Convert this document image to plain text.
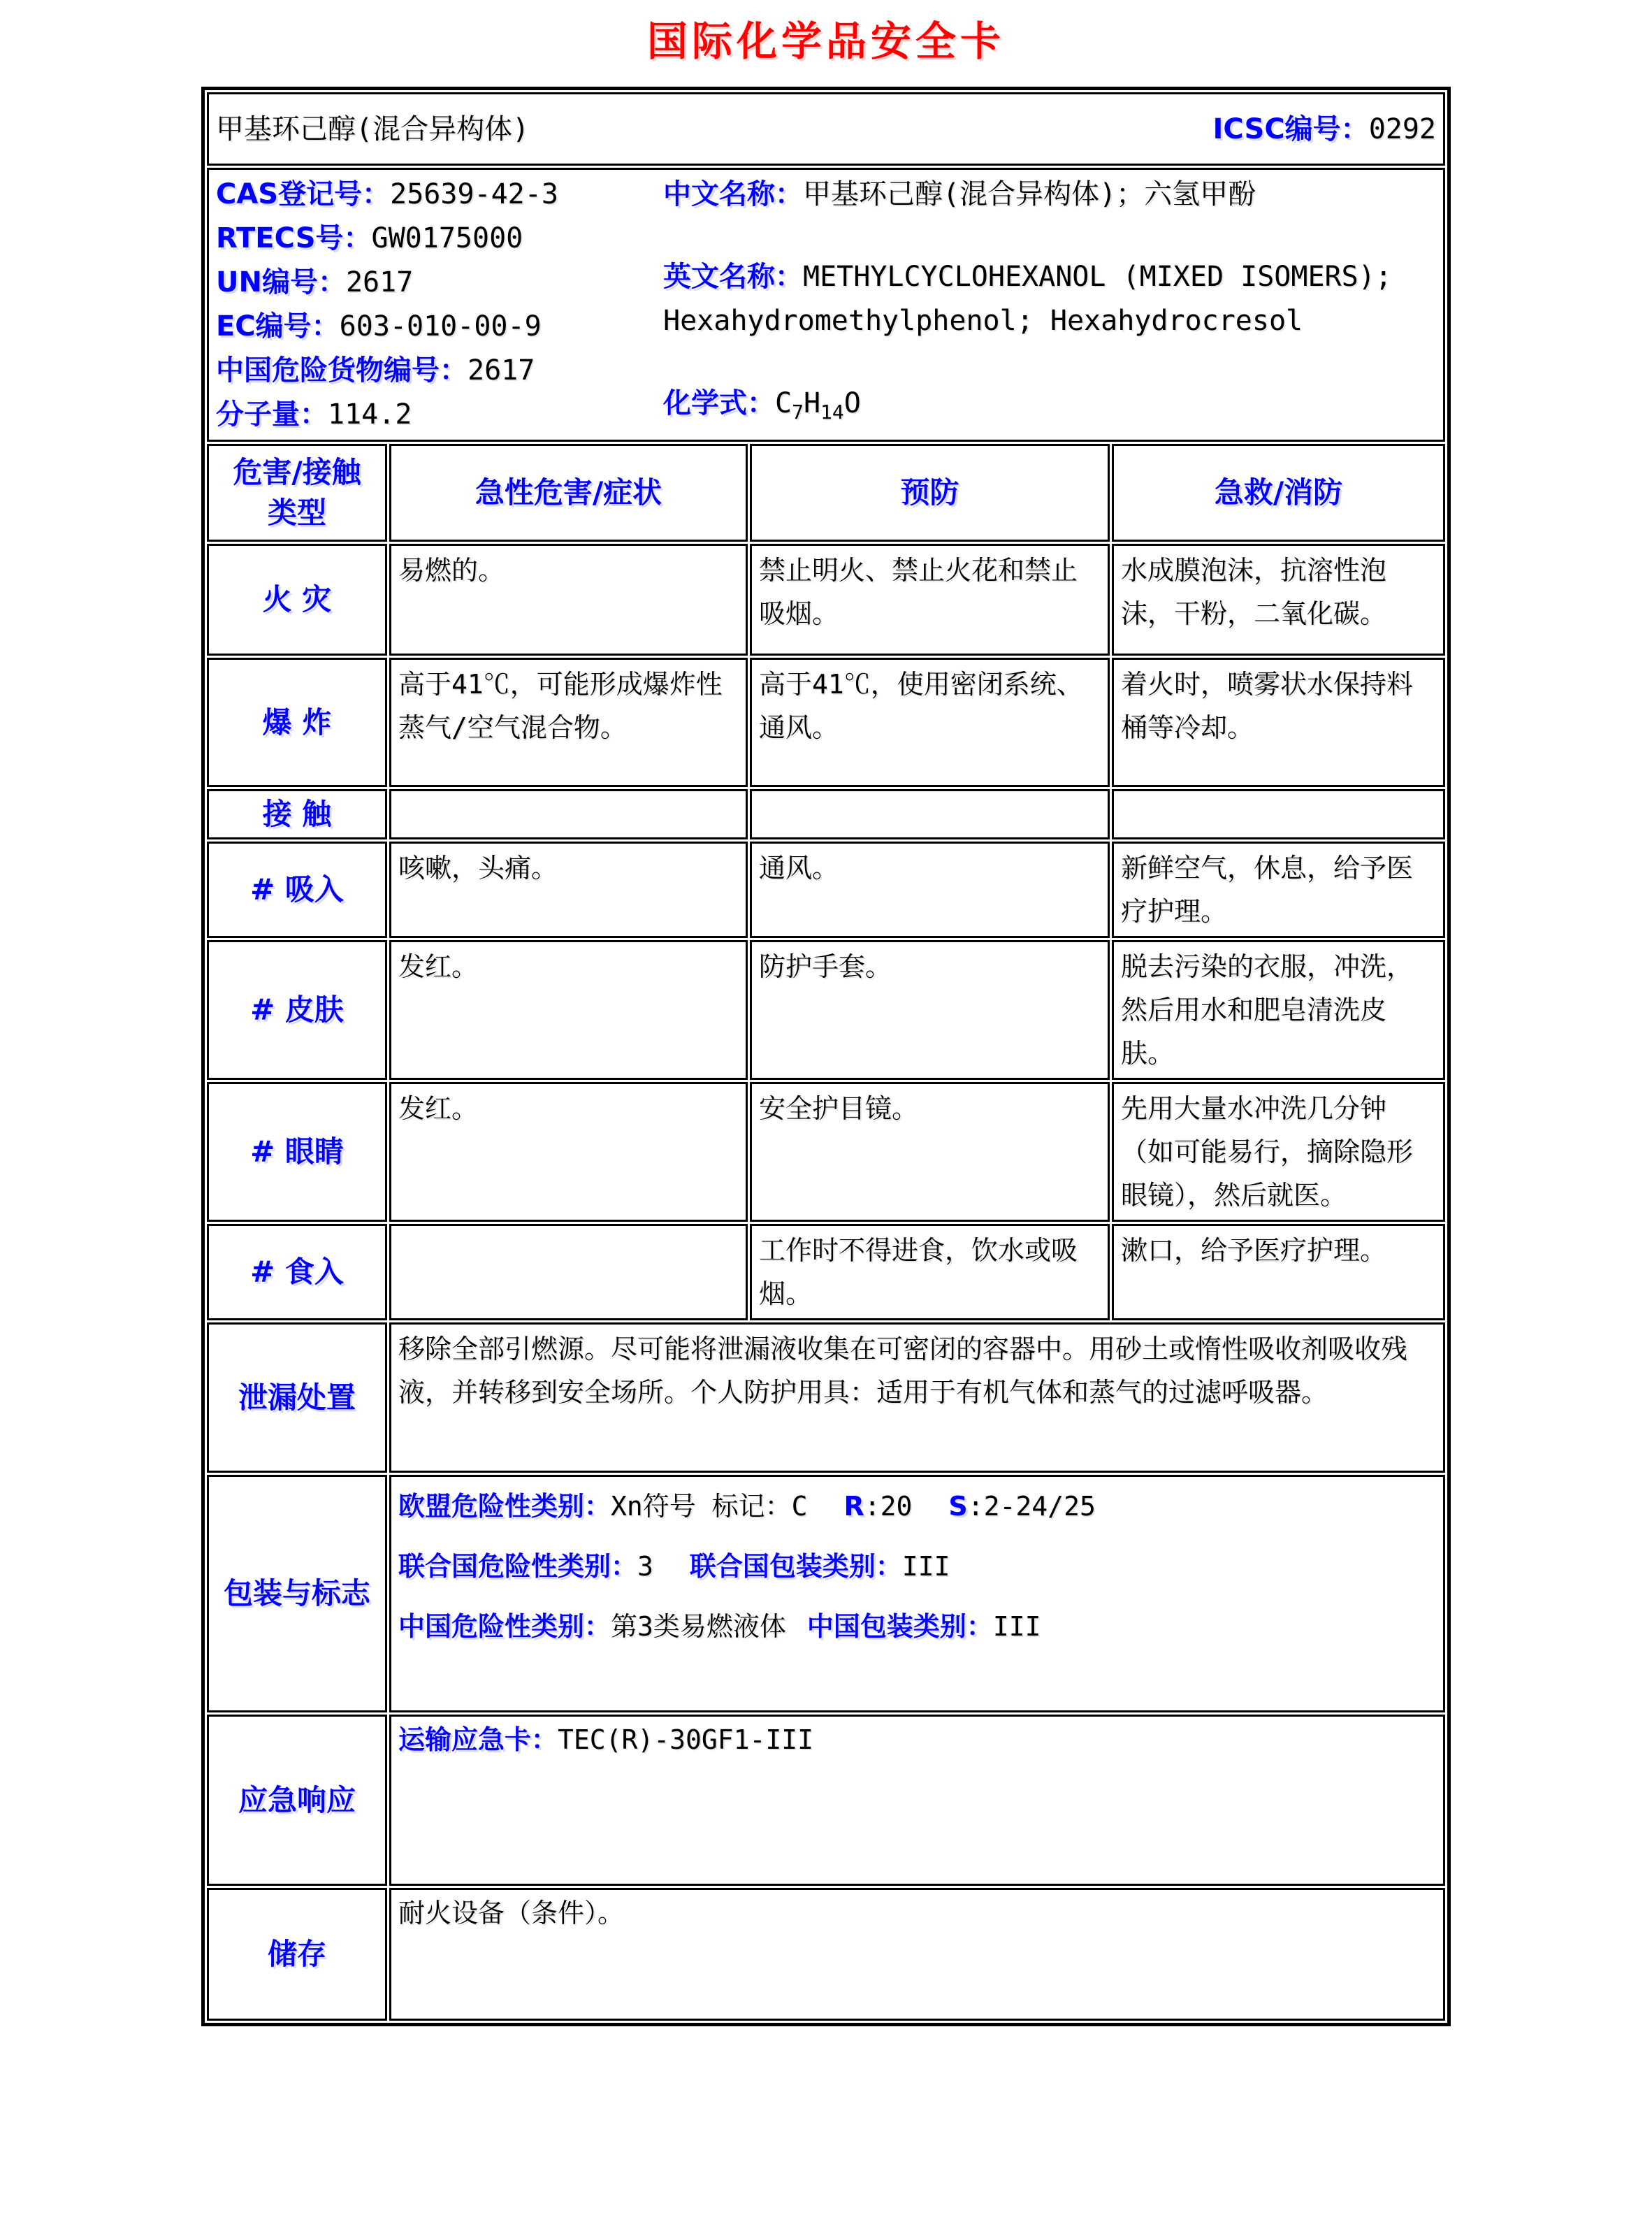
国际化学品安全卡
甲基环己醇(混合异构体) ICSC编号：0292			

CAS登记号：25639-42-3
RTECS号：GW0175000
UN编号：2617
EC编号：603-010-00-9
中国危险货物编号：2617
分子量：114.2
中文名称：甲基环己醇(混合异构体)；六氢甲酚
英文名称：METHYLCYCLOHEXANOL (MIXED ISOMERS);
Hexahydromethylphenol; Hexahydrocresol
化学式：$C_7H_{14}O$

危害/接触
类型	急性危害/症状	预防	急救/消防
火 灾	易燃的。	禁止明火、禁止火花和禁止吸烟。	水成膜泡沫，抗溶性泡沫，干粉，二氧化碳。

爆 炸	高于41℃，可能形成爆炸性蒸气/空气混合物。	高于41℃，使用密闭系统、通风。	着火时，喷雾状水保持料桶等冷却。

接 触			
# 吸入	咳嗽，头痛。	通风。	新鲜空气，休息，给予医疗护理。

# 皮肤	发红。	防护手套。	脱去污染的衣服，冲洗，然后用水和肥皂清洗皮肤。

# 眼睛	发红。	安全护目镜。	先用大量水冲洗几分钟（如可能易行，摘除隐形眼镜），然后就医。

# 食入		工作时不得进食，饮水或吸烟。	漱口，给予医疗护理。

泄漏处置	移除全部引燃源。尽可能将泄漏液收集在可密闭的容器中。用砂土或惰性吸收剂吸收残液，并转移到安全场所。个人防护用具：适用于有机气体和蒸气的过滤呼吸器。		

包装与标志	欧盟危险性类别：Xn符号 标记：C R:20 S:2-24/25
联合国危险性类别：3 联合国包装类别：III
中国危险性类别：第3类易燃液体 中国包装类别：III		

应急响应	运输应急卡：TEC(R)-30GF1-III		

储存	耐火设备（条件）。		
